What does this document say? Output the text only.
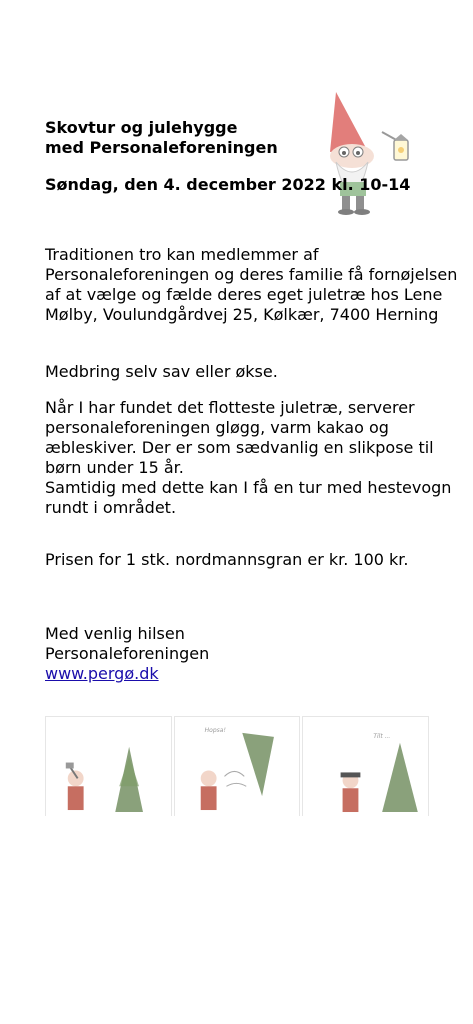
Skovtur og julehygge
med Personaleforeningen
Søndag, den 4. december 2022 kl. 10-14
Traditionen tro kan medlemmer af Personaleforeningen og deres familie få fornøjelsen af at vælge og fælde deres eget juletræ hos Lene Mølby, Voulundgårdvej 25, Kølkær, 7400 Herning
Medbring selv sav eller økse.
Når I har fundet det flotteste juletræ, serverer personaleforeningen gløgg, varm kakao og æbleskiver. Der er som sædvanlig en slikpose til børn under 15 år.
Samtidig med dette kan I få en tur med hestevogn rundt i området.
Prisen for 1 stk. nordmannsgran er kr. 100 kr.
Med venlig hilsen
Personaleforeningen
www.pergø.dk
Hopsa!
Tilt ...
